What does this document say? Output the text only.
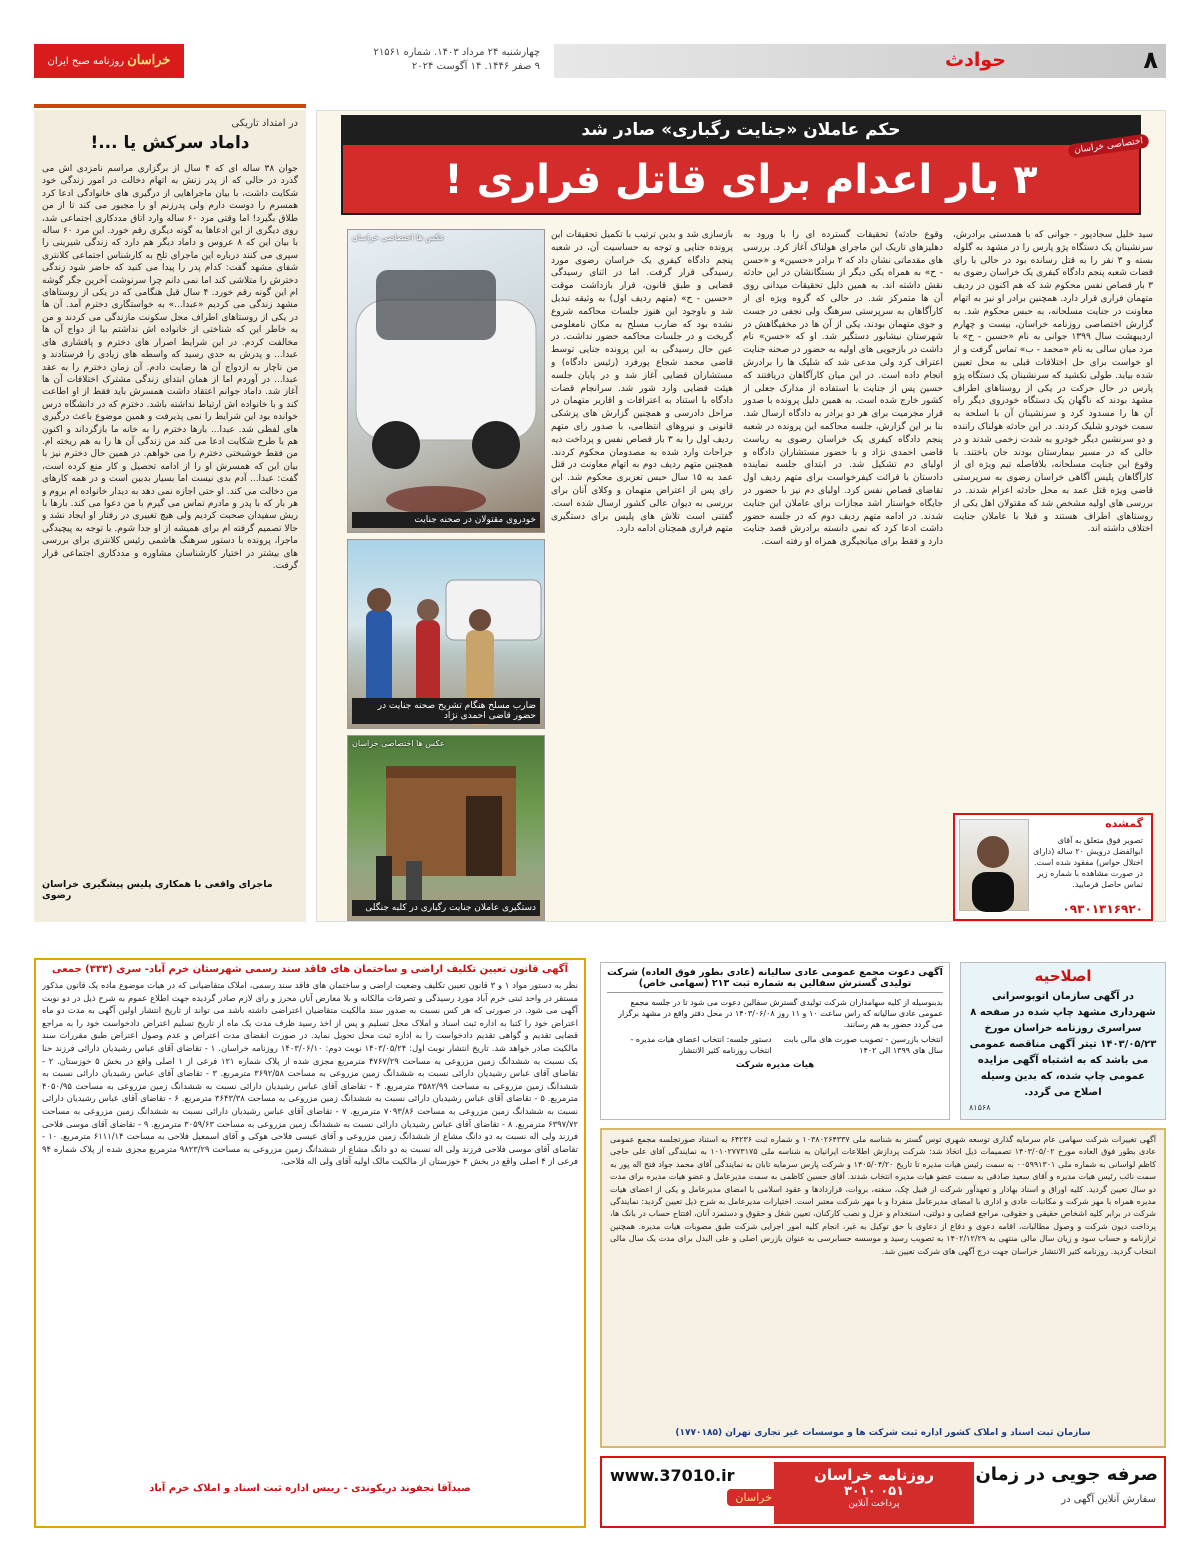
۸
حوادث
چهارشنبه ۲۴ مرداد ۱۴۰۳. شماره ۲۱۵۶۱
۹ صفر ۱۴۴۶. ۱۴ آگوست ۲۰۲۴
خراسان روزنامه صبح ایران
در امتداد تاریکی
داماد سرکش یا ...!
جوان ۳۸ ساله ای که ۴ سال از برگزاری مراسم نامزدی اش می گذرد در حالی که از پدر زنش به اتهام دخالت در امور زندگی خود شکایت داشت، با بیان ماجراهایی از درگیری های خانوادگی ادعا کرد همسرم را دوست دارم ولی پدرزنم او را مجبور می کند تا از من طلاق بگیرد! اما وقتی مرد ۶۰ ساله وارد اتاق مددکاری اجتماعی شد، روی دیگری از این ادعاها به گونه دیگری رقم خورد. این مرد ۶۰ ساله با بیان این که ۸ عروس و داماد دیگر هم دارد که زندگی شیرینی را سپری می کنند درباره این ماجرای تلخ به کارشناس اجتماعی کلانتری شفای مشهد گفت: کدام پدر را پیدا می کنید که حاضر شود زندگی دخترش را متلاشی کند اما نمی دانم چرا سرنوشت آخرین جگر گوشه ام این گونه رقم خورد. ۴ سال قبل هنگامی که در یکی از روستاهای مشهد زندگی می کردیم «عبدا...» به خواستگاری دخترم آمد. آن ها در یکی از روستاهای اطراف محل سکونت مازندگی می کردند و من به خاطر این که شناختی از خانواده اش نداشتم بیا از دواج آن ها مخالفت کردم. در این شرایط اصرار های دخترم و پافشاری های عبدا... و پدرش به حدی رسید که واسطه های زیادی را فرستادند و من ناچار به ازدواج آن ها رضایت دادم. آن زمان دخترم را به عقد عبدا... در آوردم اما از همان ابتدای زندگی مشترک اختلافات آن ها آغاز شد. داماد جوانم اعتقاد داشت همسرش باید فقط از او اطاعت کند و با خانواده اش ارتباط نداشته باشد. دخترم که در دانشگاه درس خوانده بود این شرایط را نمی پذیرفت و همین موضوع باعث درگیری های لفظی شد. عبدا... بارها دخترم را به خانه ما بازگرداند و اکنون هم با طرح شکایت ادعا می کند من زندگی آن ها را به هم ریخته ام. من فقط خوشبختی دخترم را می خواهم. در همین حال دخترم نیز با بیان این که همسرش او را از ادامه تحصیل و کار منع کرده است، گفت: عبدا... آدم بدی نیست اما بسیار بدبین است و در همه کارهای من دخالت می کند. او حتی اجازه نمی دهد به دیدار خانواده ام بروم و هر بار که با پدر و مادرم تماس می گیرم با من دعوا می کند. بارها با ریش سفیدان صحبت کردیم ولی هیچ تغییری در رفتار او ایجاد نشد و حالا تصمیم گرفته ام برای همیشه از او جدا شوم. با توجه به پیچیدگی ماجرا، پرونده با دستور سرهنگ هاشمی رئیس کلانتری برای بررسی های بیشتر در اختیار کارشناسان مشاوره و مددکاری اجتماعی قرار گرفت.
ماجرای واقعی با همکاری پلیس پیشگیری خراسان رضوی
حکم عاملان «جنایت رگباری» صادر شد
۳ بار اعدام برای قاتل فراری !
اختصاصی خراسان
سید خلیل سجادپور - جوانی که با همدستی برادرش، سرنشینان یک دستگاه پژو پارس را در مشهد به گلوله بسته و ۳ نفر را به قتل رسانده بود در حالی با رای قضات شعبه پنجم دادگاه کیفری یک خراسان رضوی به ۳ بار قصاص نفس محکوم شد که هم اکنون در ردیف متهمان فراری قرار دارد. همچنین برادر او نیز به اتهام معاونت در جنایت مسلحانه، به حبس محکوم شد. به گزارش اختصاصی روزنامه خراسان، بیست و چهارم اردیبهشت سال ۱۳۹۹ جوانی به نام «حسین - ح» با مرد میان سالی به نام «محمد - ب» تماس گرفت و از او خواست برای حل اختلافات قبلی به محل تعیین شده بیاید. طولی نکشید که سرنشینان یک دستگاه پژو پارس در حال حرکت در یکی از روستاهای اطراف مشهد بودند که ناگهان یک دستگاه خودروی دیگر راه آن ها را مسدود کرد و سرنشینان آن با اسلحه به سمت خودرو شلیک کردند. در این حادثه هولناک راننده و دو سرنشین دیگر خودرو به شدت زخمی شدند و در حالی که در مسیر بیمارستان بودند جان باختند. با وقوع این جنایت مسلحانه، بلافاصله تیم ویژه ای از کارآگاهان پلیس آگاهی خراسان رضوی به سرپرستی قاضی ویژه قتل عمد به محل حادثه اعزام شدند. در بررسی های اولیه مشخص شد که مقتولان اهل یکی از روستاهای اطراف هستند و قبلا با عاملان جنایت اختلاف داشته اند.
وقوع حادثه) تحقیقات گسترده ای را با ورود به دهلیزهای تاریک این ماجرای هولناک آغاز کرد. بررسی های مقدماتی نشان داد که ۲ برادر «حسین» و «حسن - ح» به همراه یکی دیگر از بستگانشان در این حادثه نقش داشته اند. به همین دلیل تحقیقات میدانی روی آن ها متمرکز شد. در حالی که گروه ویژه ای از کارآگاهان به سرپرستی سرهنگ ولی نجفی در جست و جوی متهمان بودند، یکی از آن ها در مخفیگاهش در شهرستان نیشابور دستگیر شد. او که «حسن» نام داشت در بازجویی های اولیه به حضور در صحنه جنایت اعتراف کرد ولی مدعی شد که شلیک ها را برادرش انجام داده است. در این میان کارآگاهان دریافتند که حسین پس از جنایت با استفاده از مدارک جعلی از کشور خارج شده است. به همین دلیل پرونده با صدور قرار مجرمیت برای هر دو برادر به دادگاه ارسال شد. بنا بر این گزارش، جلسه محاکمه این پرونده در شعبه پنجم دادگاه کیفری یک خراسان رضوی به ریاست قاضی احمدی نژاد و با حضور مستشاران دادگاه و اولیای دم تشکیل شد. در ابتدای جلسه نماینده دادستان با قرائت کیفرخواست برای متهم ردیف اول تقاضای قصاص نفس کرد. اولیای دم نیز با حضور در جایگاه خواستار اشد مجازات برای عاملان این جنایت شدند. در ادامه متهم ردیف دوم که در جلسه حضور داشت ادعا کرد که نمی دانسته برادرش قصد جنایت دارد و فقط برای میانجیگری همراه او رفته است.
بازسازی شد و بدین ترتیب با تکمیل تحقیقات این پرونده جنایی و توجه به حساسیت آن، در شعبه پنجم دادگاه کیفری یک خراسان رضوی مورد رسیدگی قرار گرفت. اما در اثنای رسیدگی قضایی و طبق قانون، قرار بازداشت موقت «حسین - ح» (متهم ردیف اول) به وثیقه تبدیل شد و باوجود این هنوز جلسات محاکمه شروع نشده بود که ضارب مسلح به مکان نامعلومی گریخت و در جلسات محاکمه حضور نداشت. در عین حال رسیدگی به این پرونده جنایی توسط قاضی محمد شجاع پورفرد (رئیس دادگاه) و مستشاران قضایی آغاز شد و در پایان جلسه هیئت قضایی وارد شور شد. سرانجام قضات دادگاه با استناد به اعترافات و اقاریر متهمان در مراحل دادرسی و همچنین گزارش های پزشکی قانونی و نیروهای انتظامی، با صدور رای متهم ردیف اول را به ۳ بار قصاص نفس و پرداخت دیه جراحات وارد شده به مصدومان محکوم کردند. همچنین متهم ردیف دوم به اتهام معاونت در قتل عمد به ۱۵ سال حبس تعزیری محکوم شد. این رای پس از اعتراض متهمان و وکلای آنان برای بررسی به دیوان عالی کشور ارسال شده است. گفتنی است تلاش های پلیس برای دستگیری متهم فراری همچنان ادامه دارد.
عکس ها اختصاصی خراسان
خودروی مقتولان در صحنه جنایت
ضارب مسلح هنگام تشریح صحنه جنایت در حضور قاضی احمدی نژاد
عکس ها اختصاصی خراسان
دستگیری عاملان جنایت رگباری در کلبه جنگلی
گمشده
تصویر فوق متعلق به آقای ابوالفضل درویش ۲۰ ساله (دارای اختلال حواس) مفقود شده است. در صورت مشاهده با شماره زیر تماس حاصل فرمایید.
۰۹۳۰۱۳۱۶۹۲۰
آگهی قانون تعیین تکلیف اراضی و ساختمان های فاقد سند رسمی شهرستان خرم آباد- سری (۳۳۳) جمعی
نظر به دستور مواد ۱ و ۳ قانون تعیین تکلیف وضعیت اراضی و ساختمان های فاقد سند رسمی، املاک متقاضیانی که در هیات موضوع ماده یک قانون مذکور مستقر در واحد ثبتی خرم آباد مورد رسیدگی و تصرفات مالکانه و بلا معارض آنان محرز و رای لازم صادر گردیده جهت اطلاع عموم به شرح ذیل در دو نوبت آگهی می شود. در صورتی که هر کس نسبت به صدور سند مالکیت متقاضیان اعتراضی داشته باشد می تواند از تاریخ انتشار اولین آگهی به مدت دو ماه اعتراض خود را کتبا به اداره ثبت اسناد و املاک محل تسلیم و پس از اخذ رسید ظرف مدت یک ماه از تاریخ تسلیم اعتراض دادخواست خود را به مراجع قضایی تقدیم و گواهی تقدیم دادخواست را به اداره ثبت محل تحویل نماید. در صورت انقضای مدت اعتراض و عدم وصول اعتراض طبق مقررات سند مالکیت صادر خواهد شد. تاریخ انتشار نوبت اول: ۱۴۰۳/۰۵/۲۴ نوبت دوم: ۱۴۰۳/۰۶/۱۰ روزنامه خراسان. ۱ - تقاضای آقای عباس رشیدیان دارائی فرزند حنا بک نسبت به ششدانگ زمین مزروعی به مساحت ۴۷۶۷/۲۹ مترمربع مجزی شده از پلاک شماره ۱۲۱ فرعی از ۱ اصلی واقع در بخش ۵ خوزستان. ۲ - تقاضای آقای عباس رشیدیان دارائی نسبت به ششدانگ زمین مزروعی به مساحت ۳۶۹۲/۵۸ مترمربع. ۳ - تقاضای آقای عباس رشیدیان دارائی نسبت به ششدانگ زمین مزروعی به مساحت ۳۵۸۲/۹۹ مترمربع. ۴ - تقاضای آقای عباس رشیدیان دارائی نسبت به ششدانگ زمین مزروعی به مساحت ۴۰۵۰/۹۵ مترمربع. ۵ - تقاضای آقای عباس رشیدیان دارائی نسبت به ششدانگ زمین مزروعی به مساحت ۳۶۴۳/۳۸ مترمربع. ۶ - تقاضای آقای عباس رشیدیان دارائی نسبت به ششدانگ زمین مزروعی به مساحت ۷۰۹۳/۸۶ مترمربع. ۷ - تقاضای آقای عباس رشیدیان دارائی نسبت به ششدانگ زمین مزروعی به مساحت ۶۳۹۷/۷۲ مترمربع. ۸ - تقاضای آقای عباس رشیدیان دارائی نسبت به ششدانگ زمین مزروعی به مساحت ۳۰۵۹/۶۳ مترمربع. ۹ - تقاضای آقای موسی فلاحی فرزند ولی اله نسبت به دو دانگ مشاع از ششدانگ زمین مزروعی و آقای عیسی فلاحی هوکی و آقای اسمعیل فلاحی به مساحت ۶۱۱۱/۱۴ مترمربع. ۱۰ - تقاضای آقای موسی فلاحی فرزند ولی اله نسبت به دو دانگ مشاع از ششدانگ زمین مزروعی به مساحت ۹۸۲۳/۲۹ مترمربع مجزی شده از پلاک شماره ۹۴ فرعی از ۴ اصلی واقع در بخش ۴ خوزستان از مالکیت مالک اولیه آقای ولی اله فلاحی.
صیدآقا نجفوند دریکوندی - رییس اداره ثبت اسناد و املاک خرم آباد
آگهی دعوت مجمع عمومی عادی سالیانه (عادی بطور فوق العاده) شرکت تولیدی گسترش سفالین به شماره ثبت ۲۱۳ (سهامی خاص)
بدینوسیله از کلیه سهامداران شرکت تولیدی گسترش سفالین دعوت می شود تا در جلسه مجمع عمومی عادی سالیانه که راس ساعت ۱۰ و ۱۱ روز ۱۴۰۳/۰۶/۰۸ در محل دفتر واقع در مشهد برگزار می گردد حضور به هم رسانند.
انتخاب بازرسین - تصویب صورت های مالی بابت سال های ۱۳۹۹ الی ۱۴۰۲
دستور جلسه: انتخاب اعضای هیات مدیره - انتخاب روزنامه کثیر الانتشار
هیات مدیره شرکت
اصلاحیه
در آگهی سازمان اتوبوسرانی شهرداری مشهد چاپ شده در صفحه ۸ سراسری روزنامه خراسان مورخ ۱۴۰۳/۰۵/۲۳ تیتر آگهی مناقصه عمومی می باشد که به اشتباه آگهی مزایده عمومی چاپ شده، که بدین وسیله اصلاح می گردد.
۸۱۵۶۸
آگهی تغییرات شرکت سهامی عام سرمایه گذاری توسعه شهری توس گستر به شناسه ملی ۱۰۳۸۰۲۶۴۳۳۷ و شماره ثبت ۶۴۲۳۶ به استناد صورتجلسه مجمع عمومی عادی بطور فوق العاده مورخ ۱۴۰۳/۰۵/۰۲ تصمیمات ذیل اتخاذ شد: شرکت پردازش اطلاعات ایرانیان به شناسه ملی ۱۰۱۰۲۷۷۳۱۷۵ به نمایندگی آقای علی حاجی کاظم لواسانی به شماره ملی ۰۰۵۹۹۱۳۰۱ به سمت رئیس هیات مدیره تا تاریخ ۱۴۰۵/۰۴/۲۰ و شرکت پارس سرمایه تابان به نمایندگی آقای محمد جواد فتح اله پور به سمت نائب رئیس هیات مدیره و آقای سعید صادقی به سمت عضو هیات مدیره انتخاب شدند. آقای حسین کاظمی به سمت مدیرعامل و عضو هیات مدیره برای مدت دو سال تعیین گردید. کلیه اوراق و اسناد بهادار و تعهدآور شرکت از قبیل چک، سفته، بروات، قراردادها و عقود اسلامی با امضای مدیرعامل و یکی از اعضای هیات مدیره همراه با مهر شرکت و مکاتبات عادی و اداری با امضای مدیرعامل منفردا و با مهر شرکت معتبر است. اختیارات مدیرعامل به شرح ذیل تعیین گردید: نمایندگی شرکت در برابر کلیه اشخاص حقیقی و حقوقی، مراجع قضایی و دولتی، استخدام و عزل و نصب کارکنان، تعیین شغل و حقوق و دستمزد آنان، افتتاح حساب در بانک ها، پرداخت دیون شرکت و وصول مطالبات، اقامه دعوی و دفاع از دعاوی با حق توکیل به غیر، انجام کلیه امور اجرایی شرکت طبق مصوبات هیات مدیره. همچنین ترازنامه و حساب سود و زیان سال مالی منتهی به ۱۴۰۲/۱۲/۲۹ به تصویب رسید و موسسه حسابرسی به عنوان بازرس اصلی و علی البدل برای مدت یک سال مالی انتخاب گردید. روزنامه کثیر الانتشار خراسان جهت درج آگهی های شرکت تعیین شد.
سازمان ثبت اسناد و املاک کشور اداره ثبت شرکت ها و موسسات غیر تجاری تهران (۱۷۷۰۱۸۵)
صرفه جویی در زمان
سفارش آنلاین آگهی در
روزنامه خراسان
۰۵۱ ۳۰۱۰
پرداخت آنلاین
www.37010.ir
خراسان
